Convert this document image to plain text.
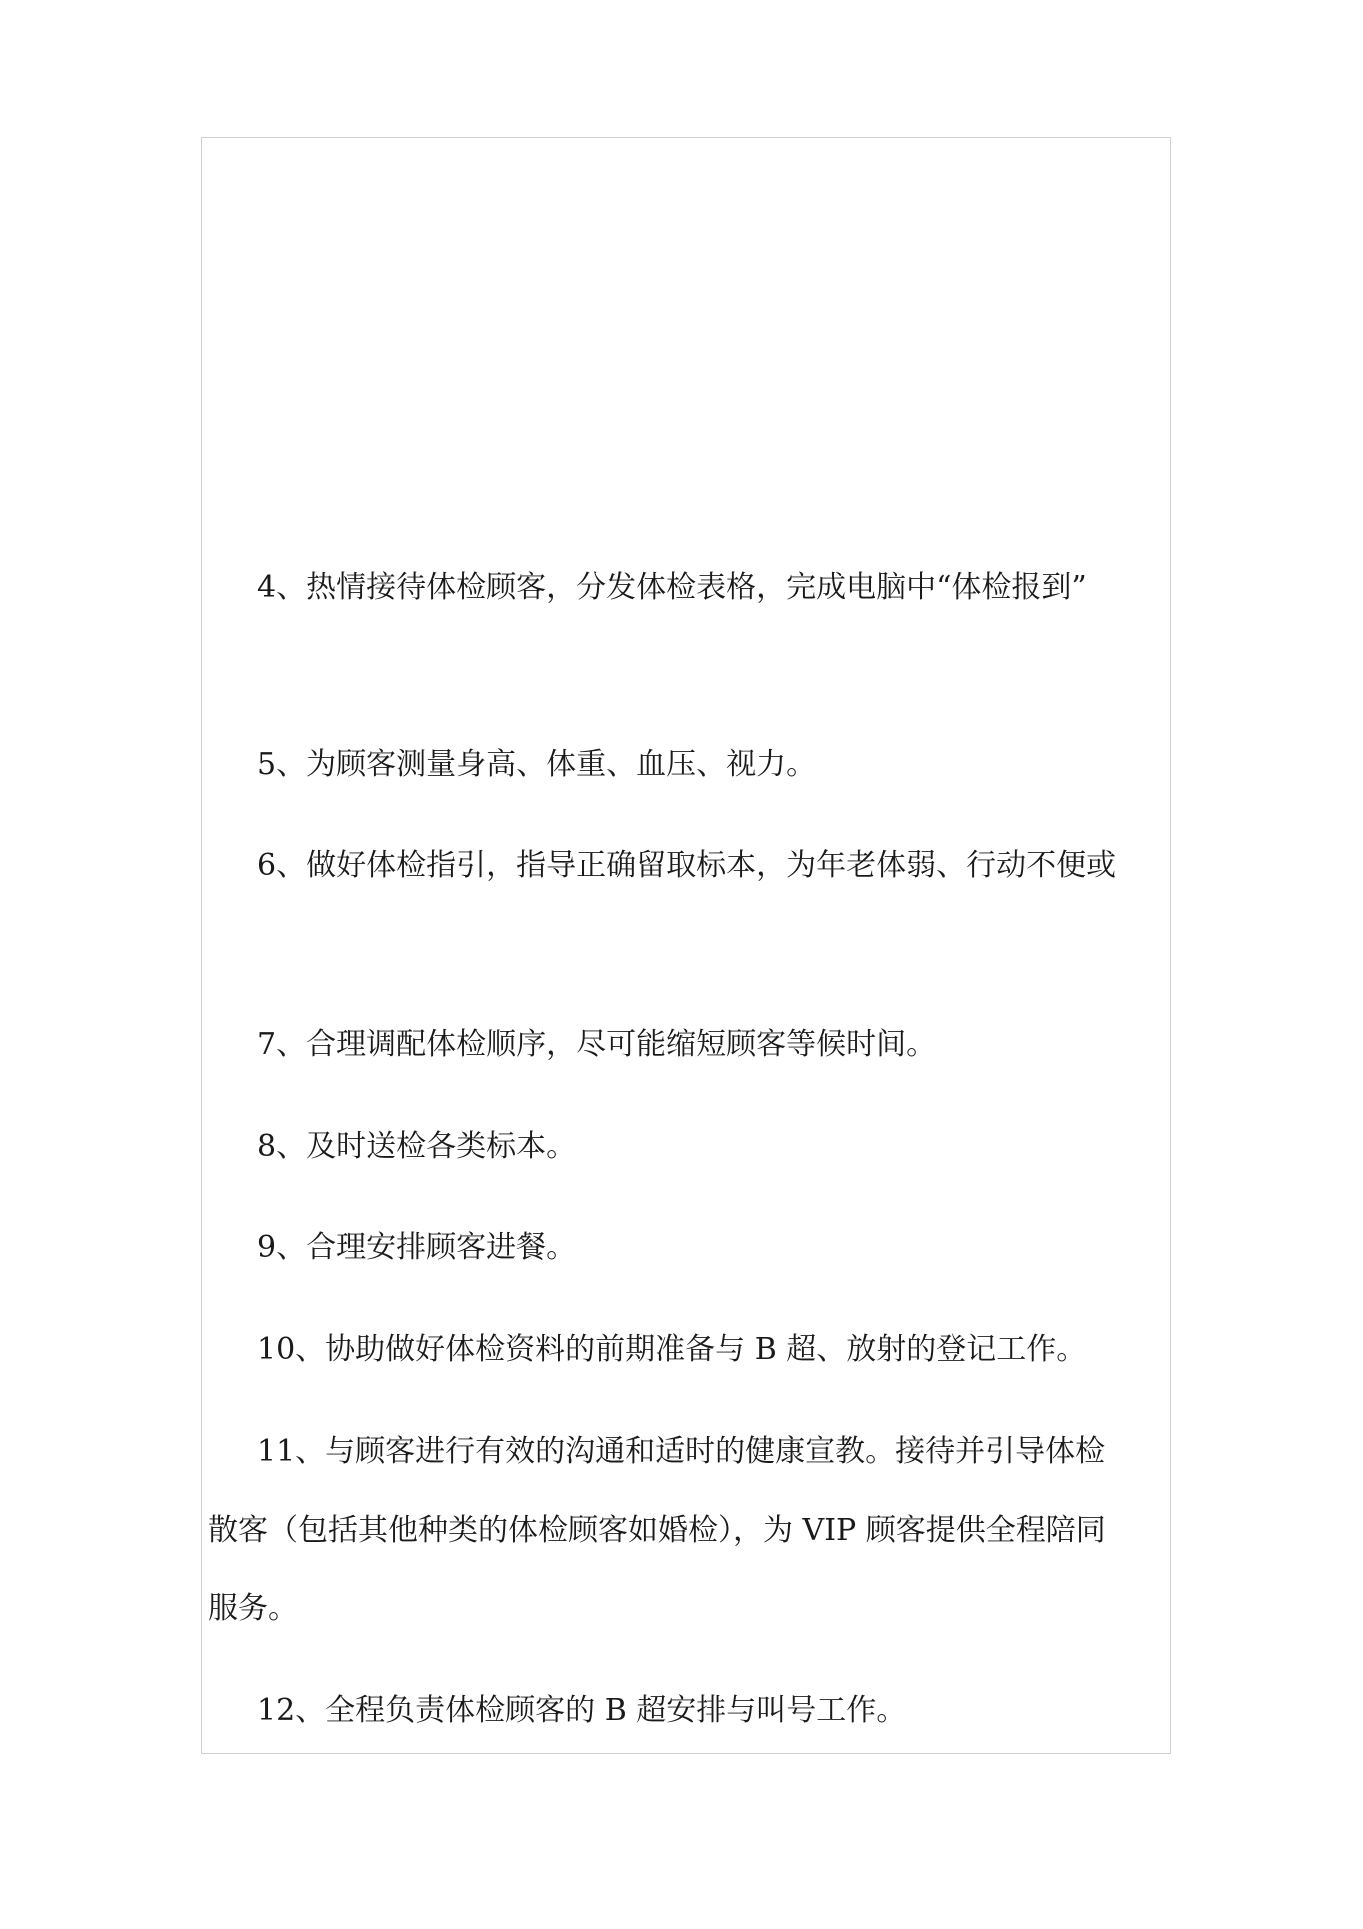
4、热情接待体检顾客，分发体检表格，完成电脑中“体检报到”
5、为顾客测量身高、体重、血压、视力。
6、做好体检指引，指导正确留取标本，为年老体弱、行动不便或
7、合理调配体检顺序，尽可能缩短顾客等候时间。
8、及时送检各类标本。
9、合理安排顾客进餐。
10、协助做好体检资料的前期准备与 B 超、放射的登记工作。
11、与顾客进行有效的沟通和适时的健康宣教。接待并引导体检
散客（包括其他种类的体检顾客如婚检），为 VIP 顾客提供全程陪同
服务。
12、全程负责体检顾客的 B 超安排与叫号工作。
